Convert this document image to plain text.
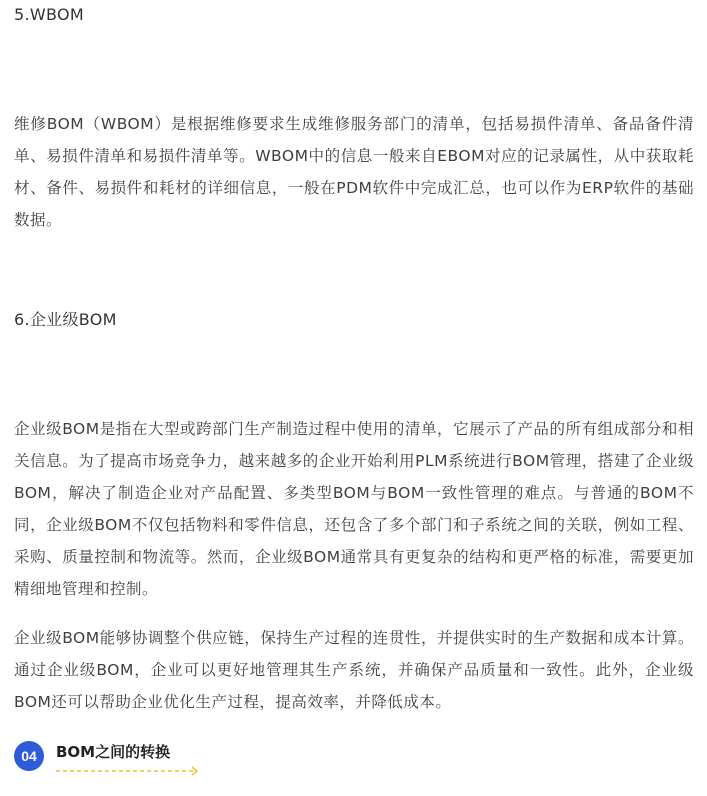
5.WBOM

维修BOM（WBOM）是根据维修要求生成维修服务部门的清单，包括易损件清单、备品备件清单、易损件清单和易损件清单等。WBOM中的信息一般来自EBOM对应的记录属性，从中获取耗材、备件、易损件和耗材的详细信息，一般在PDM软件中完成汇总，也可以作为ERP软件的基础数据。

6.企业级BOM

企业级BOM是指在大型或跨部门生产制造过程中使用的清单，它展示了产品的所有组成部分和相关信息。为了提高市场竞争力，越来越多的企业开始利用PLM系统进行BOM管理，搭建了企业级BOM，解决了制造企业对产品配置、多类型BOM与BOM一致性管理的难点。与普通的BOM不同，企业级BOM不仅包括物料和零件信息，还包含了多个部门和子系统之间的关联，例如工程、采购、质量控制和物流等。然而，企业级BOM通常具有更复杂的结构和更严格的标准，需要更加精细地管理和控制。

企业级BOM能够协调整个供应链，保持生产过程的连贯性，并提供实时的生产数据和成本计算。通过企业级BOM，企业可以更好地管理其生产系统，并确保产品质量和一致性。此外，企业级BOM还可以帮助企业优化生产过程，提高效率，并降低成本。

04	BOM之间的转换
